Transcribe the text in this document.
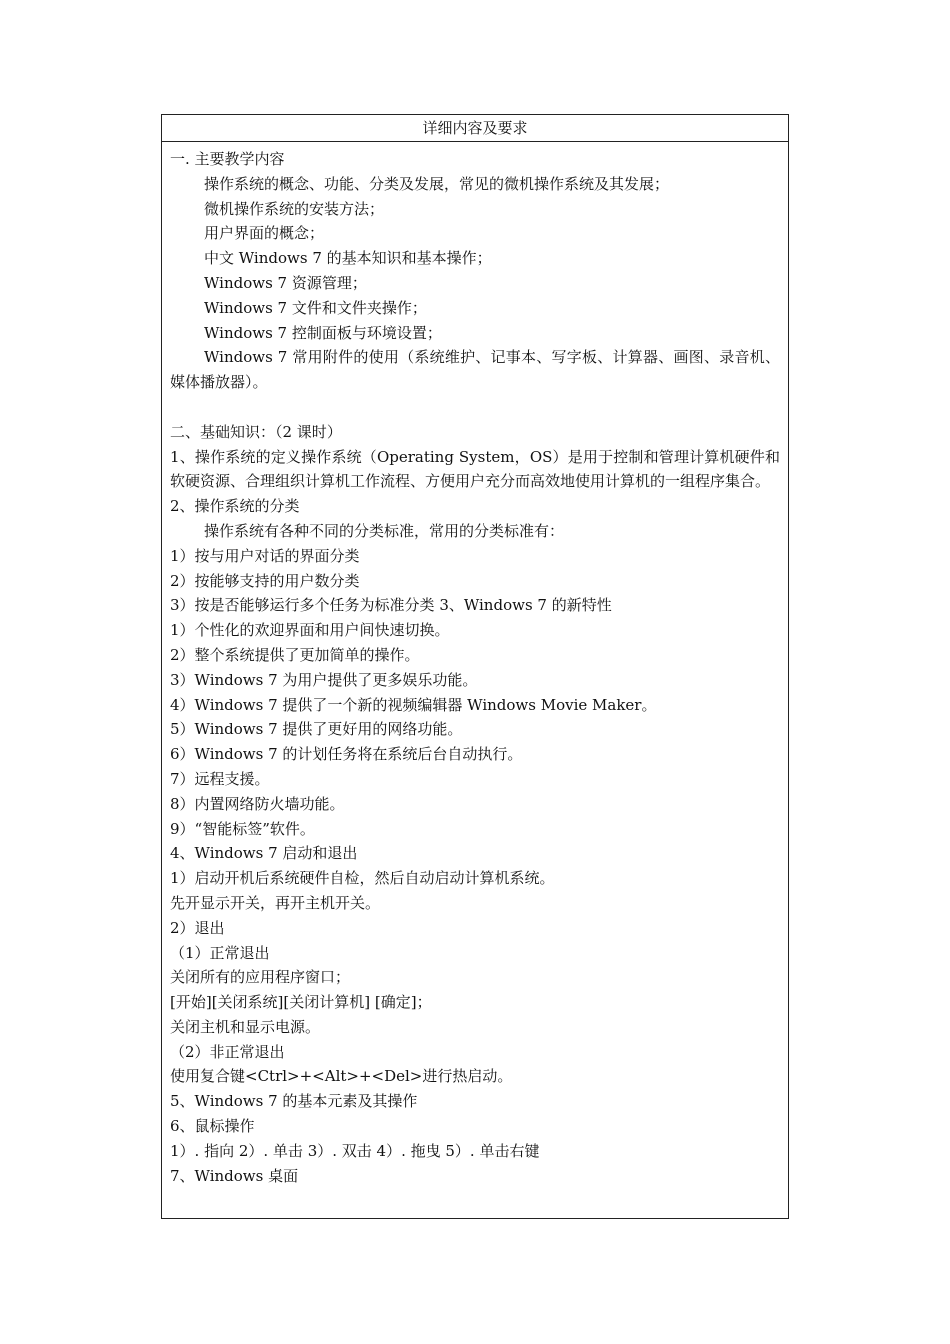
详细内容及要求
一. 主要教学内容
操作系统的概念、功能、分类及发展，常见的微机操作系统及其发展；
微机操作系统的安装方法；
用户界面的概念；
中文 Windows 7 的基本知识和基本操作；
Windows 7 资源管理；
Windows 7 文件和文件夹操作；
Windows 7 控制面板与环境设置；
Windows 7 常用附件的使用（系统维护、记事本、写字板、计算器、画图、录音机、媒体播放器）。
二、基础知识：（2 课时）
1、操作系统的定义操作系统（Operating System，OS）是用于控制和管理计算机硬件和软硬资源、合理组织计算机工作流程、方便用户充分而高效地使用计算机的一组程序集合。
2、操作系统的分类
操作系统有各种不同的分类标准，常用的分类标准有：
1）按与用户对话的界面分类
2）按能够支持的用户数分类
3）按是否能够运行多个任务为标准分类 3、Windows 7 的新特性
1）个性化的欢迎界面和用户间快速切换。
2）整个系统提供了更加简单的操作。
3）Windows 7 为用户提供了更多娱乐功能。
4）Windows 7 提供了一个新的视频编辑器 Windows Movie Maker。
5）Windows 7 提供了更好用的网络功能。
6）Windows 7 的计划任务将在系统后台自动执行。
7）远程支援。
8）内置网络防火墙功能。
9）“智能标签”软件。
4、Windows 7 启动和退出
1）启动开机后系统硬件自检，然后自动启动计算机系统。
先开显示开关，再开主机开关。
2）退出
（1）正常退出
关闭所有的应用程序窗口；
[开始][关闭系统][关闭计算机] [确定]；
关闭主机和显示电源。
（2）非正常退出
使用复合键<Ctrl>+<Alt>+<Del>进行热启动。
5、Windows 7 的基本元素及其操作
6、鼠标操作
1）. 指向 2）. 单击 3）. 双击 4）. 拖曳 5）. 单击右键
7、Windows 桌面
